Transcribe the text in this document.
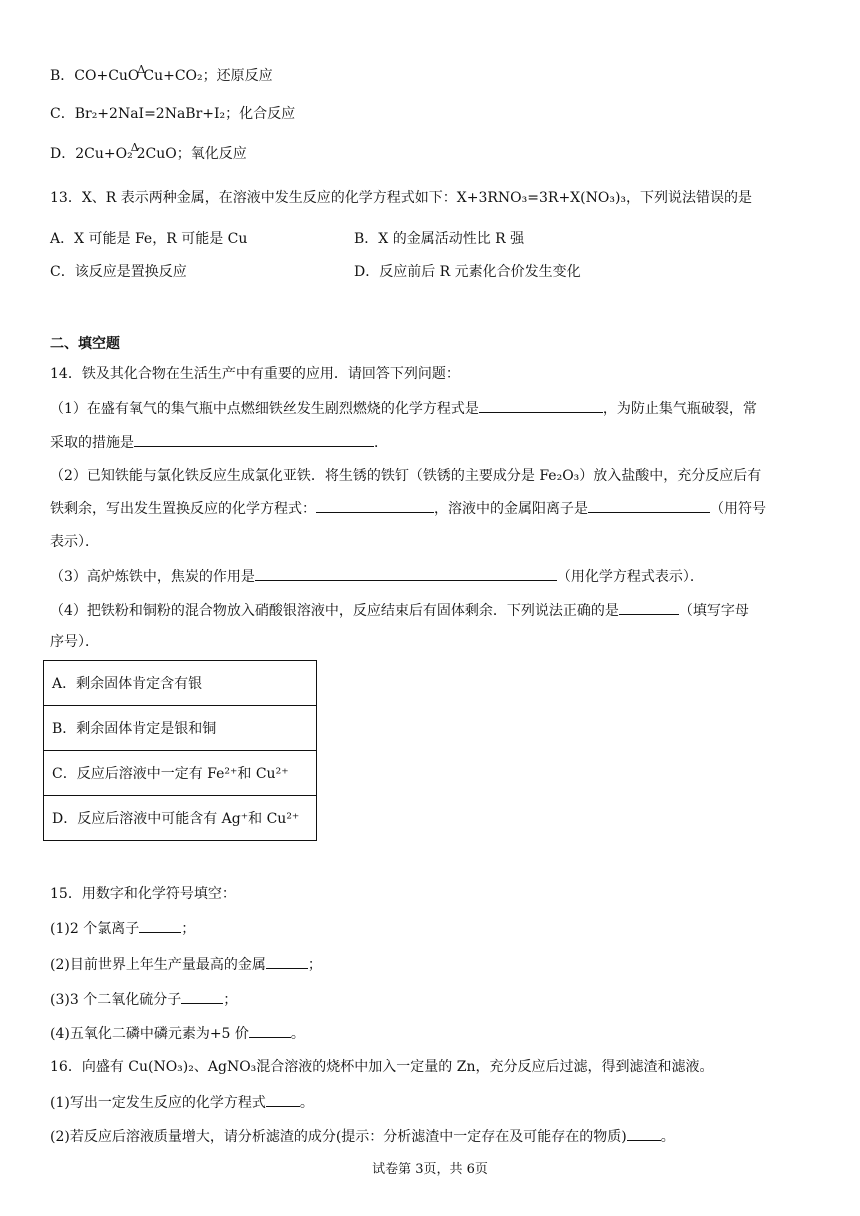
B．CO+CuO$^\Delta$Cu+CO₂；还原反应
C．Br₂+2NaI=2NaBr+I₂；化合反应
D．2Cu+O₂$^\Delta$2CuO；氧化反应
13．X、R 表示两种金属，在溶液中发生反应的化学方程式如下：X+3RNO₃=3R+X(NO₃)₃，下列说法错误的是
A．X 可能是 Fe，R 可能是 Cu	B．X 的金属活动性比 R 强
C．该反应是置换反应	D．反应前后 R 元素化合价发生变化
二、填空题
14．铁及其化合物在生活生产中有重要的应用．请回答下列问题：
（1）在盛有氧气的集气瓶中点燃细铁丝发生剧烈燃烧的化学方程式是	，为防止集气瓶破裂，常
采取的措施是	．
（2）已知铁能与氯化铁反应生成氯化亚铁．将生锈的铁钉（铁锈的主要成分是 Fe₂O₃）放入盐酸中，充分反应后有
铁剩余，写出发生置换反应的化学方程式：	，溶液中的金属阳离子是	（用符号
表示）．
（3）高炉炼铁中，焦炭的作用是	（用化学方程式表示）．
（4）把铁粉和铜粉的混合物放入硝酸银溶液中，反应结束后有固体剩余．下列说法正确的是	（填写字母
序号）．
A．剩余固体肯定含有银
B．剩余固体肯定是银和铜
C．反应后溶液中一定有 Fe²⁺和 Cu²⁺
D．反应后溶液中可能含有 Ag⁺和 Cu²⁺
15．用数字和化学符号填空：
(1)2 个氯离子	；
(2)目前世界上年生产量最高的金属	；
(3)3 个二氧化硫分子	；
(4)五氧化二磷中磷元素为+5 价	。
16．向盛有 Cu(NO₃)₂、AgNO₃混合溶液的烧杯中加入一定量的 Zn，充分反应后过滤，得到滤渣和滤液。
(1)写出一定发生反应的化学方程式 。
(2)若反应后溶液质量增大，请分析滤渣的成分(提示：分析滤渣中一定存在及可能存在的物质) 。
试卷第 3页，共 6页
